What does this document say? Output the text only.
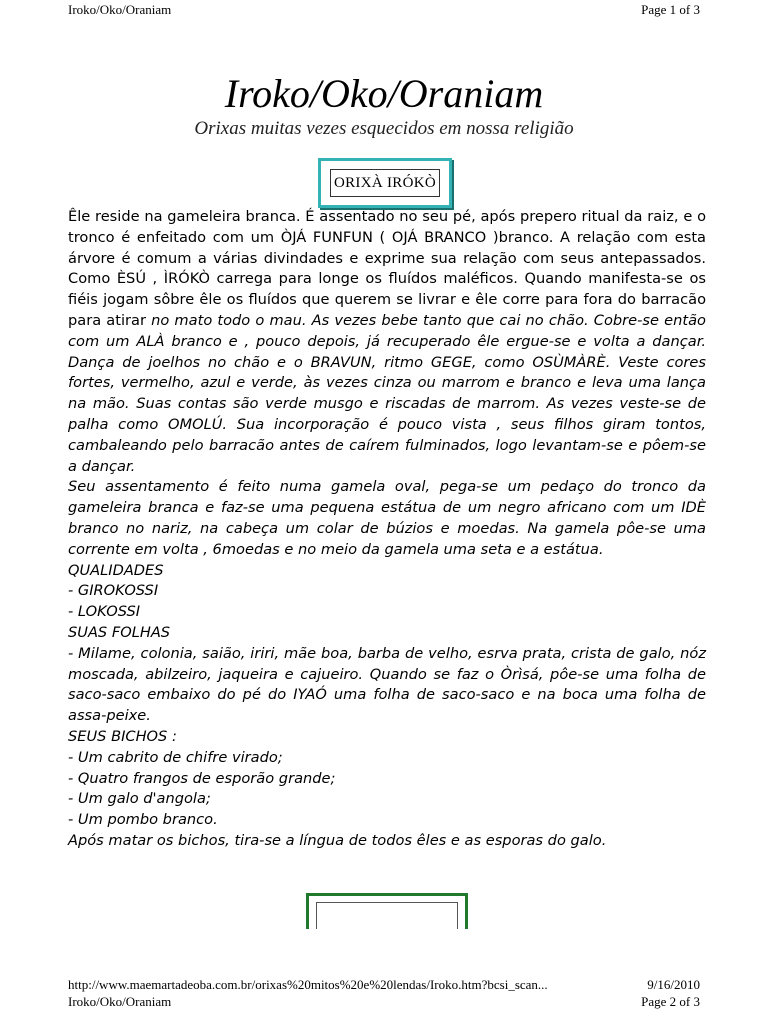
Iroko/Oko/Oraniam	Page 1 of 3
Iroko/Oko/Oraniam
Orixas muitas vezes esquecidos em nossa religião
ORIXÀ IRÓKÒ

Êle reside na gameleira branca. É assentado no seu pé, após prepero ritual da raiz, e o tronco é enfeitado com um ÒJÁ FUNFUN ( OJÁ BRANCO )branco. A relação com esta árvore é comum a várias divindades e exprime sua relação com seus antepassados. Como ÈSÚ , ÌRÓKÒ carrega para longe os fluídos maléficos. Quando manifesta-se os fiéis jogam sôbre êle os fluídos que querem se livrar e êle corre para fora do barracão para atirar no mato todo o mau. As vezes bebe tanto que cai no chão. Cobre-se então com um ALÀ branco e , pouco depois, já recuperado êle ergue-se e volta a dançar. Dança de joelhos no chão e o BRAVUN, ritmo GEGE, como OSÙMÀRÈ. Veste cores fortes, vermelho, azul e verde, às vezes cinza ou marrom e branco e leva uma lança na mão. Suas contas são verde musgo e riscadas de marrom. As vezes veste-se de palha como OMOLÚ. Sua incorporação é pouco vista , seus filhos giram tontos, cambaleando pelo barracão antes de caírem fulminados, logo levantam-se e pôem-se a dançar.

Seu assentamento é feito numa gamela oval, pega-se um pedaço do tronco da gameleira branca e faz-se uma pequena estátua de um negro africano com um IDÈ branco no nariz, na cabeça um colar de búzios e moedas. Na gamela pôe-se uma corrente em volta , 6moedas e no meio da gamela uma seta e a estátua.

QUALIDADES

- GIROKOSSI

- LOKOSSI

SUAS FOLHAS

- Milame, colonia, saião, iriri, mãe boa, barba de velho, esrva prata, crista de galo, nóz moscada, abilzeiro, jaqueira e cajueiro. Quando se faz o Òrìsá, pôe-se uma folha de saco-saco embaixo do pé do IYAÓ uma folha de saco-saco e na boca uma folha de assa-peixe.

SEUS BICHOS :

- Um cabrito de chifre virado;

- Quatro frangos de esporão grande;

- Um galo d'angola;

- Um pombo branco.

Após matar os bichos, tira-se a língua de todos êles e as esporas do galo.

http://www.maemartadeoba.com.br/orixas%20mitos%20e%20lendas/Iroko.htm?bcsi_scan...	9/16/2010
Iroko/Oko/Oraniam	Page 2 of 3
